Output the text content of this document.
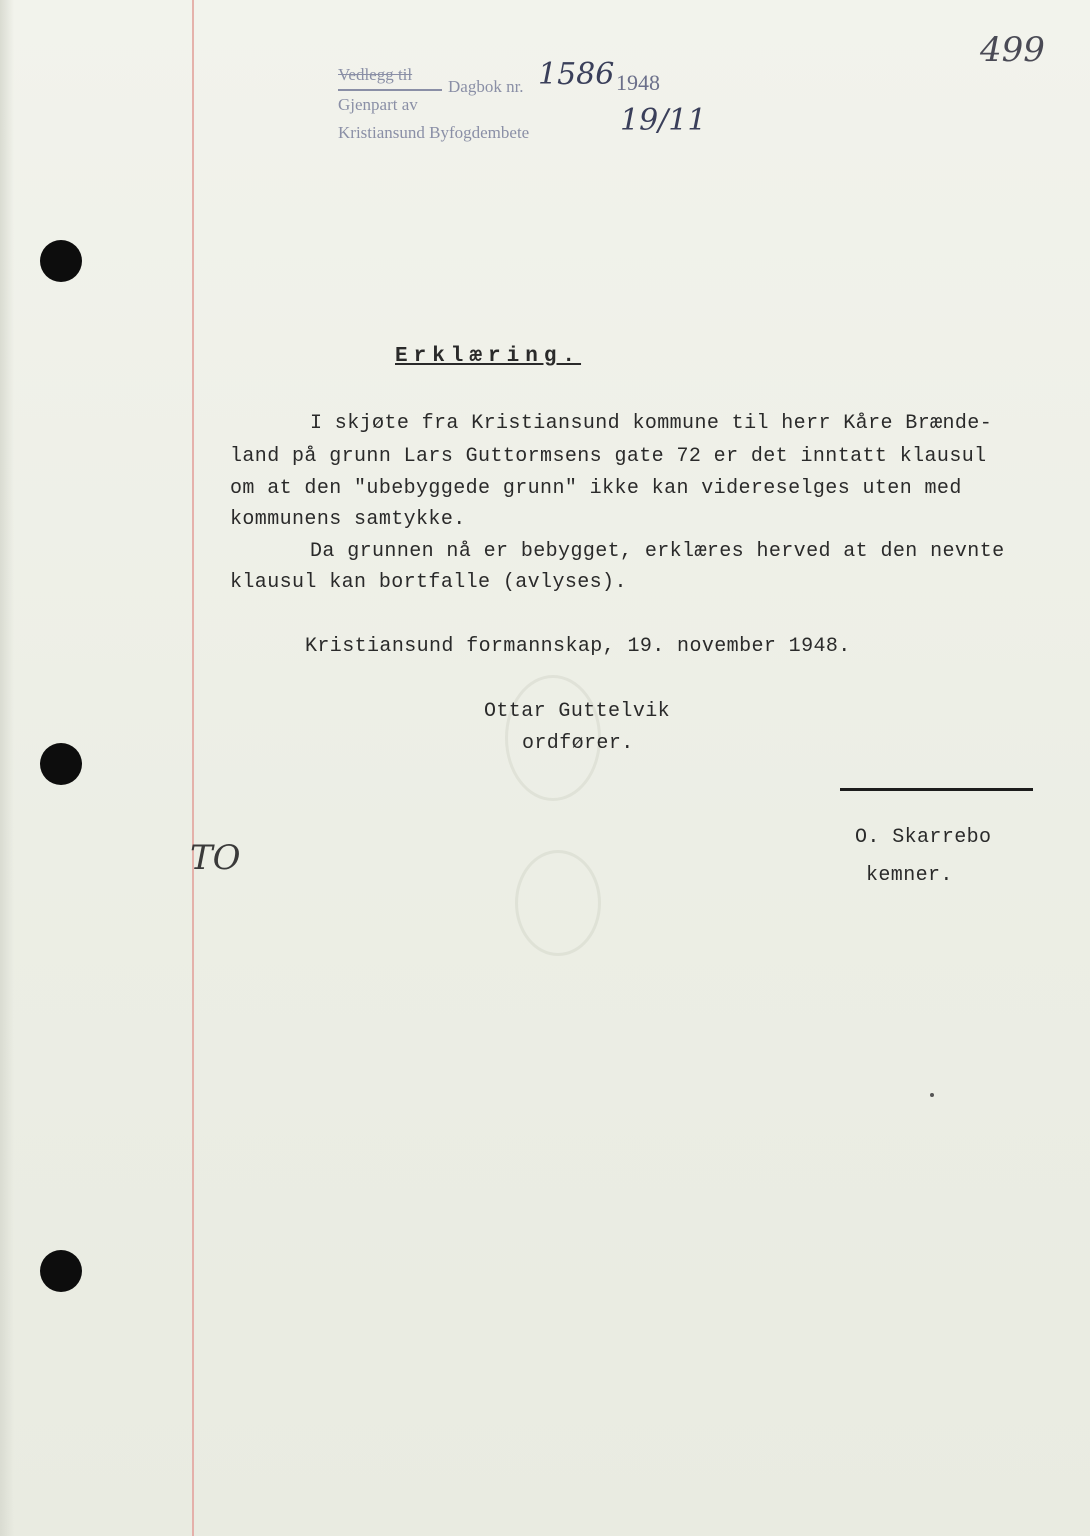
Vedlegg til
Dagbok nr. 1586 1948
Gjenpart av
Kristiansund Byfogdembete	19/11
499
Erklæring.
I skjøte fra Kristiansund kommune til herr Kåre Brænde-
land på grunn Lars Guttormsens gate 72 er det inntatt klausul
om at den "ubebyggede grunn" ikke kan videreselges uten med
kommunens samtykke.
Da grunnen nå er bebygget, erklæres herved at den nevnte
klausul kan bortfalle (avlyses).
Kristiansund formannskap, 19. november 1948.
Ottar Guttelvik
ordfører.
O. Skarrebo
kemner.
TO
